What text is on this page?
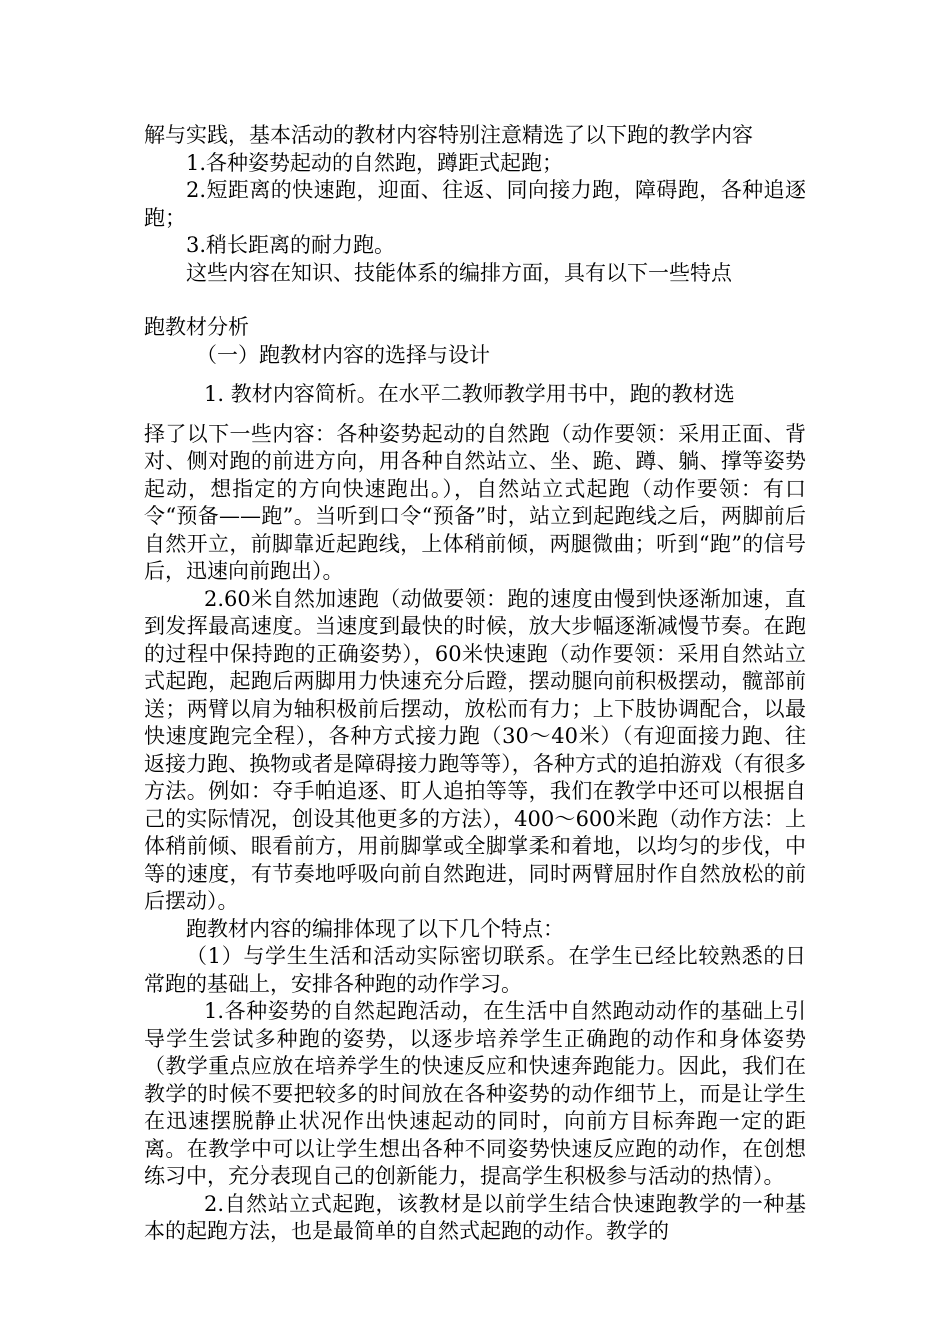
解与实践，基本活动的教材内容特别注意精选了以下跑的教学内容

1.各种姿势起动的自然跑，蹲距式起跑；

2.短距离的快速跑，迎面、往返、同向接力跑，障碍跑，各种追逐跑；

3.稍长距离的耐力跑。

这些内容在知识、技能体系的编排方面，具有以下一些特点

跑教材分析

（一）跑教材内容的选择与设计

1. 教材内容简析。在水平二教师教学用书中，跑的教材选

择了以下一些内容：各种姿势起动的自然跑（动作要领：采用正面、背对、侧对跑的前进方向，用各种自然站立、坐、跪、蹲、躺、撑等姿势起动，想指定的方向快速跑出。），自然站立式起跑（动作要领：有口令“预备——跑”。当听到口令“预备”时，站立到起跑线之后，两脚前后自然开立，前脚靠近起跑线，上体稍前倾，两腿微曲；听到“跑”的信号后，迅速向前跑出）。

2.60米自然加速跑（动做要领：跑的速度由慢到快逐渐加速，直到发挥最高速度。当速度到最快的时候，放大步幅逐渐减慢节奏。在跑的过程中保持跑的正确姿势），60米快速跑（动作要领：采用自然站立式起跑，起跑后两脚用力快速充分后蹬，摆动腿向前积极摆动，髋部前送；两臂以肩为轴积极前后摆动，放松而有力；上下肢协调配合，以最快速度跑完全程），各种方式接力跑（30～40米）（有迎面接力跑、往返接力跑、换物或者是障碍接力跑等等），各种方式的追拍游戏（有很多方法。例如：夺手帕追逐、盯人追拍等等，我们在教学中还可以根据自己的实际情况，创设其他更多的方法），400～600米跑（动作方法：上体稍前倾、眼看前方，用前脚掌或全脚掌柔和着地，以均匀的步伐，中等的速度，有节奏地呼吸向前自然跑进，同时两臂屈肘作自然放松的前后摆动）。

跑教材内容的编排体现了以下几个特点：

（1）与学生生活和活动实际密切联系。在学生已经比较熟悉的日常跑的基础上，安排各种跑的动作学习。

1.各种姿势的自然起跑活动，在生活中自然跑动动作的基础上引导学生尝试多种跑的姿势，以逐步培养学生正确跑的动作和身体姿势（教学重点应放在培养学生的快速反应和快速奔跑能力。因此，我们在教学的时候不要把较多的时间放在各种姿势的动作细节上，而是让学生在迅速摆脱静止状况作出快速起动的同时，向前方目标奔跑一定的距离。在教学中可以让学生想出各种不同姿势快速反应跑的动作，在创想练习中，充分表现自己的创新能力，提高学生积极参与活动的热情）。

2.自然站立式起跑，该教材是以前学生结合快速跑教学的一种基本的起跑方法，也是最简单的自然式起跑的动作。教学的
